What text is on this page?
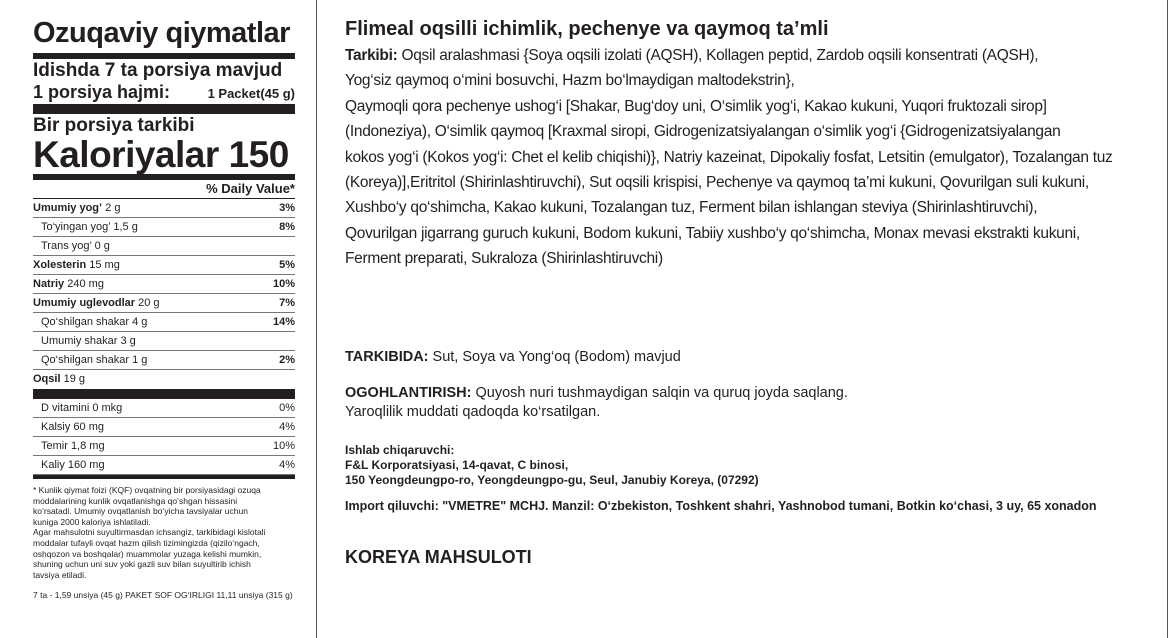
Ozuqaviy qiymatlar
Idishda 7 ta porsiya mavjud
1 porsiya hajmi:	1 Packet(45 g)
Bir porsiya tarkibi
Kaloriyalar 150
% Daily Value*
Umumiy yog’ 2 g	3%
To‘yingan yog’ 1,5 g	8%
Trans yog’ 0 g
Xolesterin 15 mg	5%
Natriy 240 mg	10%
Umumiy uglevodlar 20 g	7%
Qo‘shilgan shakar 4 g	14%
Umumiy shakar 3 g
Qo‘shilgan shakar 1 g	2%
Oqsil 19 g
D vitamini 0 mkg	0%
Kalsiy 60 mg	4%
Temir 1,8 mg	10%
Kaliy 160 mg	4%
* Kunlik qiymat foizi (KQF) ovqatning bir porsiyasidagi ozuqa
moddalarining kunlik ovqatlanishga qo‘shgan hissasini
ko‘rsatadi. Umumiy ovqatlanish bo‘yicha tavsiyalar uchun
kuniga 2000 kaloriya ishlatiladi.
Agar mahsulotni suyultirmasdan ichsangiz, tarkibidagi kislotali
moddalar tufayli ovqat hazm qilish tizimingizda (qizilo‘ngach,
oshqozon va boshqalar) muammolar yuzaga kelishi mumkin,
shuning uchun uni suv yoki gazli suv bilan suyultirib ichish
tavsiya etiladi.
7 ta - 1,59 unsiya (45 g) PAKET SOF OG‘IRLIGI 11,11 unsiya (315 g)
Flimeal oqsilli ichimlik, pechenye va qaymoq ta’mli
Tarkibi: Oqsil aralashmasi {Soya oqsili izolati (AQSH), Kollagen peptid, Zardob oqsili konsentrati (AQSH),
Yog‘siz qaymoq o‘mini bosuvchi, Hazm bo‘lmaydigan maltodekstrin},
Qaymoqli qora pechenye ushog‘i [Shakar, Bug‘doy uni, O‘simlik yog‘i, Kakao kukuni, Yuqori fruktozali sirop]
(Indoneziya), O‘simlik qaymoq [Kraxmal siropi, Gidrogenizatsiyalangan o‘simlik yog‘i {Gidrogenizatsiyalangan
kokos yog‘i (Kokos yog‘i: Chet el kelib chiqishi)}, Natriy kazeinat, Dipokaliy fosfat, Letsitin (emulgator), Tozalangan tuz
(Koreya)],Eritritol (Shirinlashtiruvchi), Sut oqsili krispisi, Pechenye va qaymoq ta’mi kukuni, Qovurilgan suli kukuni,
Xushbo‘y qo‘shimcha, Kakao kukuni, Tozalangan tuz, Ferment bilan ishlangan steviya (Shirinlashtiruvchi),
Qovurilgan jigarrang guruch kukuni, Bodom kukuni, Tabiiy xushbo‘y qo‘shimcha, Monax mevasi ekstrakti kukuni,
Ferment preparati, Sukraloza (Shirinlashtiruvchi)
TARKIBIDA: Sut, Soya va Yong‘oq (Bodom) mavjud
OGOHLANTIRISH: Quyosh nuri tushmaydigan salqin va quruq joyda saqlang.
Yaroqlilik muddati qadoqda ko‘rsatilgan.
Ishlab chiqaruvchi:
F&L Korporatsiyasi, 14-qavat, C binosi,
150 Yeongdeungpo-ro, Yeongdeungpo-gu, Seul, Janubiy Koreya, (07292)
Import qiluvchi: "VMETRE" MCHJ. Manzil: O‘zbekiston, Toshkent shahri, Yashnobod tumani, Botkin ko‘chasi, 3 uy, 65 xonadon
KOREYA MAHSULOTI
